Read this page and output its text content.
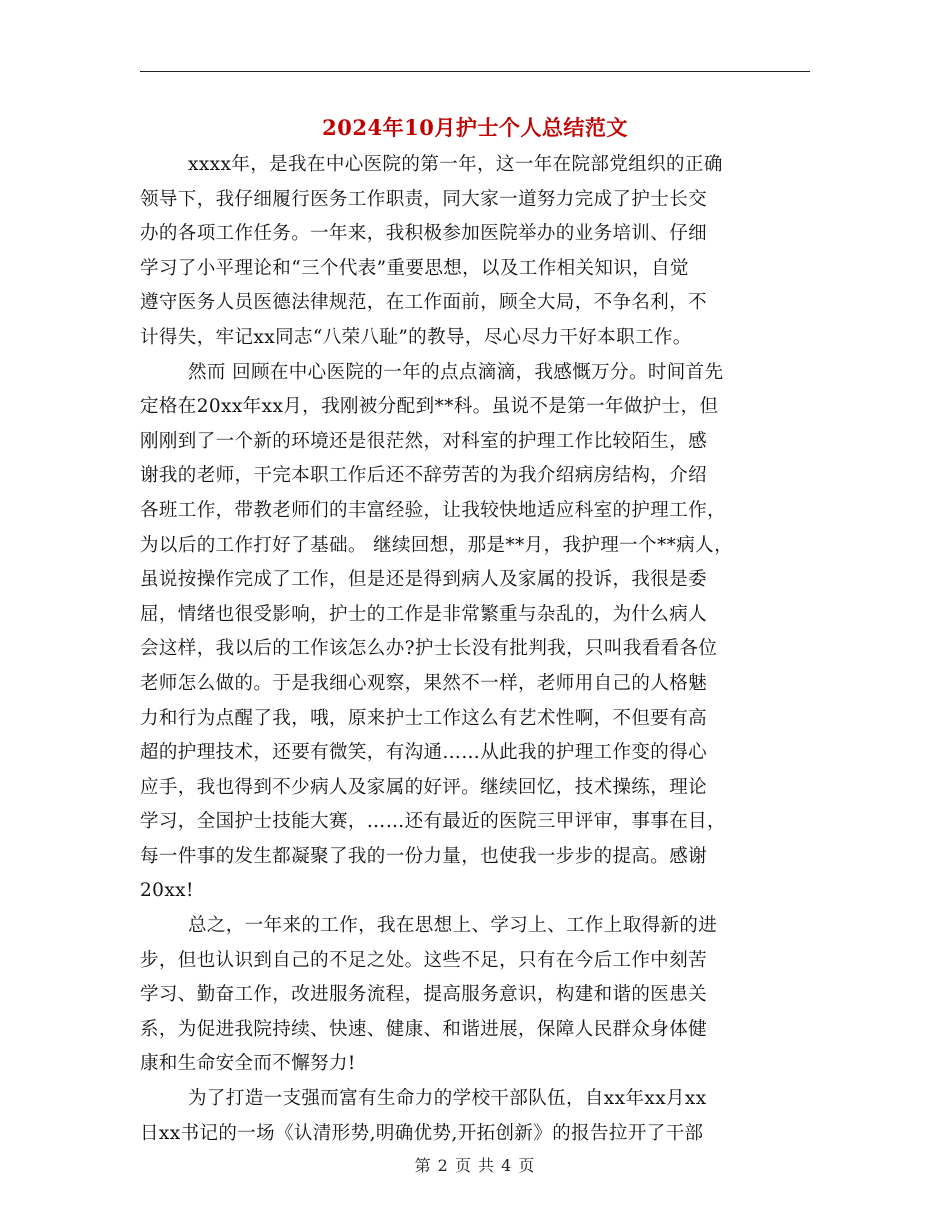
2024年10月护士个人总结范文
xxxx年，是我在中心医院的第一年，这一年在院部党组织的正确
领导下，我仔细履行医务工作职责，同大家一道努力完成了护士长交
办的各项工作任务。一年来，我积极参加医院举办的业务培训、仔细
学习了小平理论和“三个代表”重要思想，以及工作相关知识，自觉
遵守医务人员医德法律规范，在工作面前，顾全大局，不争名利，不
计得失，牢记xx同志“八荣八耻”的教导，尽心尽力干好本职工作。
然而 回顾在中心医院的一年的点点滴滴，我感慨万分。时间首先
定格在20xx年xx月，我刚被分配到**科。虽说不是第一年做护士，但
刚刚到了一个新的环境还是很茫然，对科室的护理工作比较陌生，感
谢我的老师，干完本职工作后还不辞劳苦的为我介绍病房结构，介绍
各班工作，带教老师们的丰富经验，让我较快地适应科室的护理工作，
为以后的工作打好了基础。 继续回想，那是**月，我护理一个**病人，
虽说按操作完成了工作，但是还是得到病人及家属的投诉，我很是委
屈，情绪也很受影响，护士的工作是非常繁重与杂乱的，为什么病人
会这样，我以后的工作该怎么办?护士长没有批判我，只叫我看看各位
老师怎么做的。于是我细心观察，果然不一样，老师用自己的人格魅
力和行为点醒了我，哦，原来护士工作这么有艺术性啊，不但要有高
超的护理技术，还要有微笑，有沟通……从此我的护理工作变的得心
应手，我也得到不少病人及家属的好评。继续回忆，技术操练，理论
学习，全国护士技能大赛，……还有最近的医院三甲评审，事事在目，
每一件事的发生都凝聚了我的一份力量，也使我一步步的提高。感谢
20xx!
总之，一年来的工作，我在思想上、学习上、工作上取得新的进
步，但也认识到自己的不足之处。这些不足，只有在今后工作中刻苦
学习、勤奋工作，改进服务流程，提高服务意识，构建和谐的医患关
系，为促进我院持续、快速、健康、和谐进展，保障人民群众身体健
康和生命安全而不懈努力!
为了打造一支强而富有生命力的学校干部队伍，自xx年xx月xx
日xx书记的一场《认清形势,明确优势,开拓创新》的报告拉开了干部
第 2 页 共 4 页
